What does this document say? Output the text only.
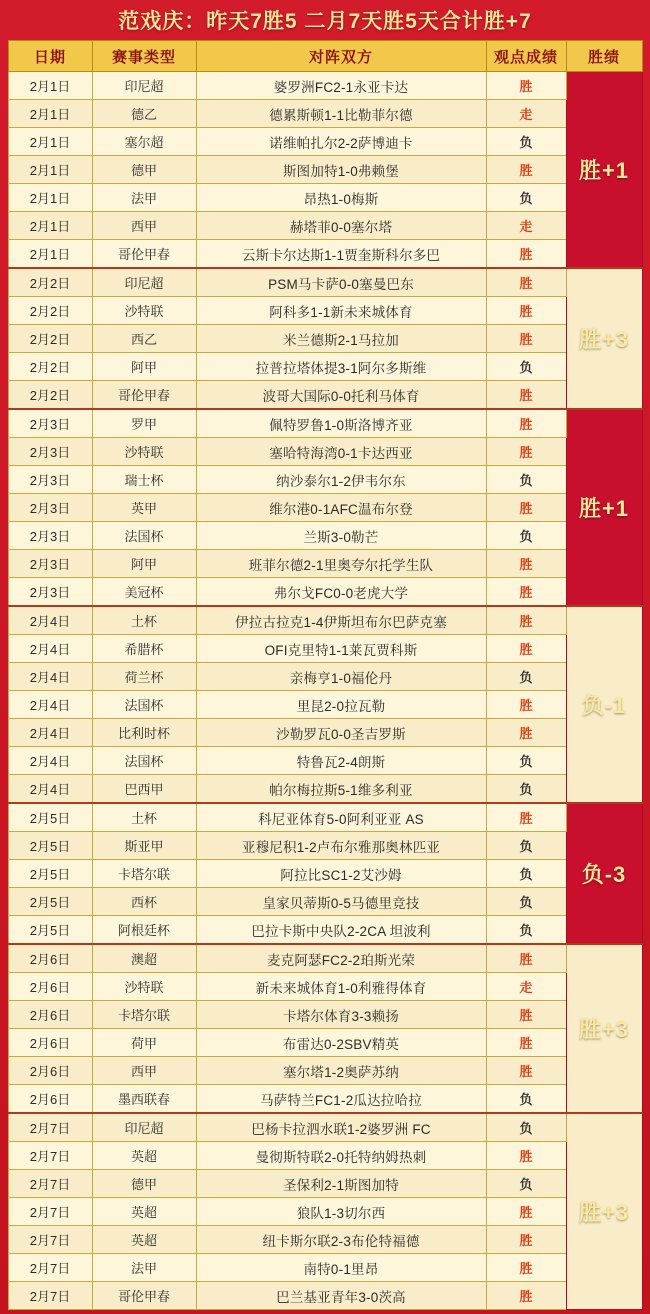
范戏庆：昨天7胜5 二月7天胜5天合计胜+7
日期	赛事类型	对阵双方	观点成绩	胜绩
2月1日	印尼超	婆罗洲FC2-1永亚卡达	胜	胜+1
2月1日	德乙	德累斯顿1-1比勒菲尔德	走	
2月1日	塞尔超	诺维帕扎尔2-2萨博迪卡	负	
2月1日	德甲	斯图加特1-0弗赖堡	胜	
2月1日	法甲	昂热1-0梅斯	负	
2月1日	西甲	赫塔菲0-0塞尔塔	走	
2月1日	哥伦甲春	云斯卡尔达斯1-1贾奎斯科尔多巴	胜	
2月2日	印尼超	PSM马卡萨0-0塞曼巴东	胜	胜+3
2月2日	沙特联	阿科多1-1新未来城体育	胜	
2月2日	西乙	米兰德斯2-1马拉加	胜	
2月2日	阿甲	拉普拉塔体提3-1阿尔多斯维	负	
2月2日	哥伦甲春	波哥大国际0-0托利马体育	胜	
2月3日	罗甲	佩特罗鲁1-0斯洛博齐亚	胜	胜+1
2月3日	沙特联	塞哈特海湾0-1卡达西亚	胜	
2月3日	瑞士杯	纳沙泰尔1-2伊韦尔东	负	
2月3日	英甲	维尔港0-1AFC温布尔登	胜	
2月3日	法国杯	兰斯3-0勒芒	负	
2月3日	阿甲	班菲尔德2-1里奥夸尔托学生队	胜	
2月3日	美冠杯	弗尔戈FC0-0老虎大学	胜	
2月4日	土杯	伊拉古拉克1-4伊斯坦布尔巴萨克塞	胜	负-1
2月4日	希腊杯	OFI克里特1-1莱瓦贾科斯	胜	
2月4日	荷兰杯	亲梅亨1-0福伦丹	负	
2月4日	法国杯	里昆2-0拉瓦勒	胜	
2月4日	比利时杯	沙勒罗瓦0-0圣吉罗斯	胜	
2月4日	法国杯	特鲁瓦2-4朗斯	负	
2月4日	巴西甲	帕尔梅拉斯5-1维多利亚	负	
2月5日	土杯	科尼亚体育5-0阿利亚亚 AS	胜	负-3
2月5日	斯亚甲	亚穆尼积1-2卢布尔雅那奥林匹亚	负	
2月5日	卡塔尔联	阿拉比SC1-2艾沙姆	负	
2月5日	西杯	皇家贝蒂斯0-5马德里竞技	负	
2月5日	阿根廷杯	巴拉卡斯中央队2-2CA 坦波利	负	
2月6日	澳超	麦克阿瑟FC2-2珀斯光荣	胜	胜+3
2月6日	沙特联	新未来城体育1-0利雅得体育	走	
2月6日	卡塔尔联	卡塔尔体育3-3赖扬	胜	
2月6日	荷甲	布雷达0-2SBV精英	胜	
2月6日	西甲	塞尔塔1-2奥萨苏纳	胜	
2月6日	墨西联春	马萨特兰FC1-2瓜达拉哈拉	负	
2月7日	印尼超	巴杨卡拉泗水联1-2婆罗洲 FC	负	胜+3
2月7日	英超	曼彻斯特联2-0托特纳姆热刺	胜	
2月7日	德甲	圣保利2-1斯图加特	负	
2月7日	英超	狼队1-3切尔西	胜	
2月7日	英超	纽卡斯尔联2-3布伦特福德	胜	
2月7日	法甲	南特0-1里昂	胜	
2月7日	哥伦甲春	巴兰基亚青年3-0茨高	胜	
